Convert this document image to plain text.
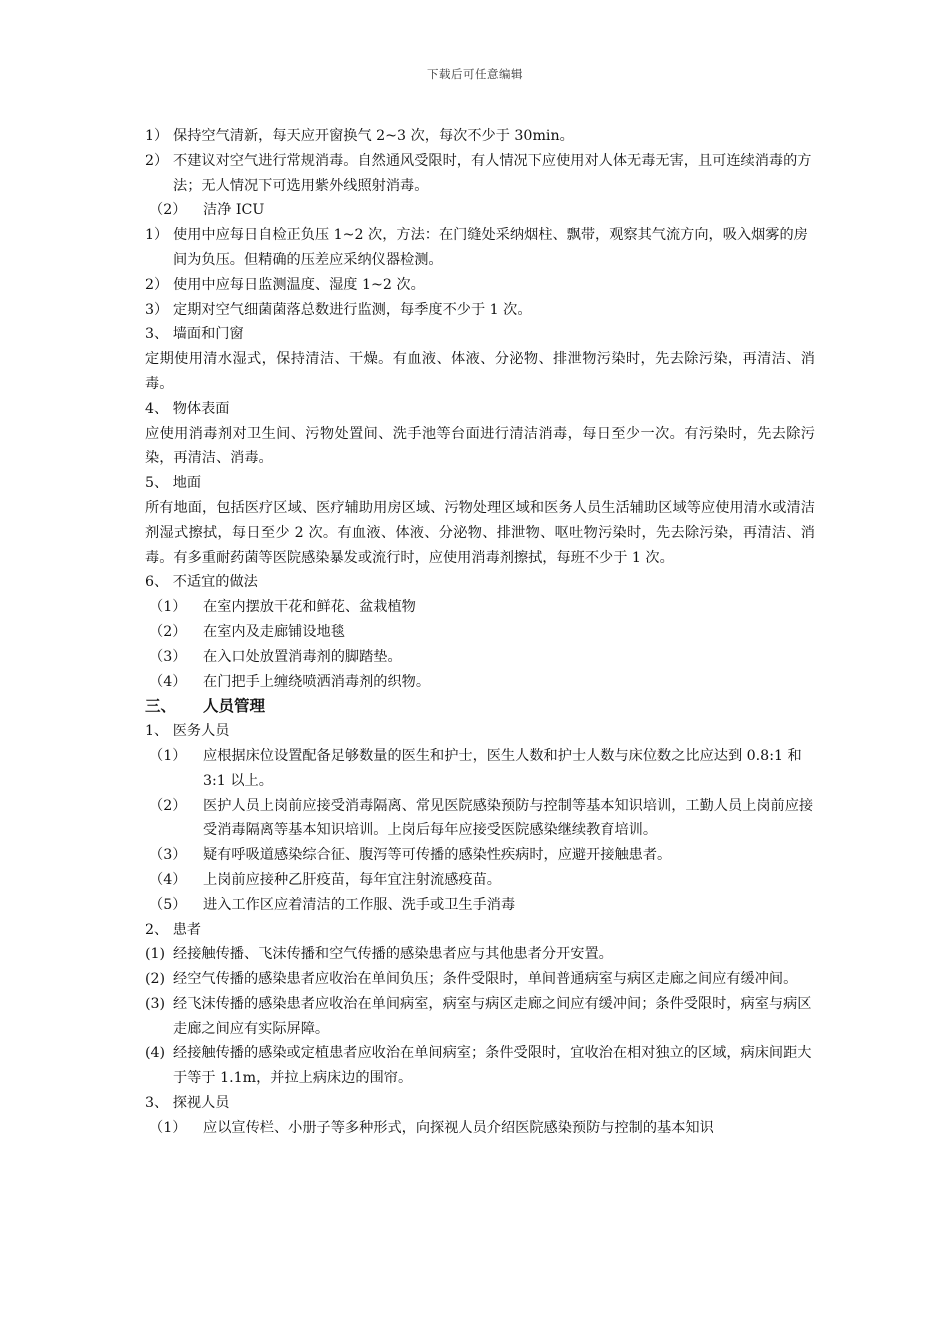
下载后可任意编辑
1） 保持空气清新，每天应开窗换气 2~3 次，每次不少于 30min。
2） 不建议对空气进行常规消毒。自然通风受限时，有人情况下应使用对人体无毒无害，且可连续消毒的方法；无人情况下可选用紫外线照射消毒。
（2）	洁净 ICU
1） 使用中应每日自检正负压 1~2 次，方法：在门缝处采纳烟柱、飘带，观察其气流方向，吸入烟雾的房间为负压。但精确的压差应采纳仪器检测。
2） 使用中应每日监测温度、湿度 1~2 次。
3） 定期对空气细菌菌落总数进行监测，每季度不少于 1 次。
3、 墙面和门窗
定期使用清水湿式，保持清洁、干燥。有血液、体液、分泌物、排泄物污染时，先去除污染，再清洁、消毒。
4、 物体表面
应使用消毒剂对卫生间、污物处置间、洗手池等台面进行清洁消毒，每日至少一次。有污染时，先去除污染，再清洁、消毒。
5、 地面
所有地面，包括医疗区域、医疗辅助用房区域、污物处理区域和医务人员生活辅助区域等应使用清水或清洁剂湿式擦拭，每日至少 2 次。有血液、体液、分泌物、排泄物、呕吐物污染时，先去除污染，再清洁、消毒。有多重耐药菌等医院感染暴发或流行时，应使用消毒剂擦拭，每班不少于 1 次。
6、 不适宜的做法
（1）	在室内摆放干花和鲜花、盆栽植物
（2）	在室内及走廊铺设地毯
（3）	在入口处放置消毒剂的脚踏垫。
（4）	在门把手上缠绕喷洒消毒剂的织物。
三、	人员管理
1、 医务人员
（1）	应根据床位设置配备足够数量的医生和护士，医生人数和护士人数与床位数之比应达到 0.8:1 和 3:1 以上。
（2）	医护人员上岗前应接受消毒隔离、常见医院感染预防与控制等基本知识培训，工勤人员上岗前应接受消毒隔离等基本知识培训。上岗后每年应接受医院感染继续教育培训。
（3）	疑有呼吸道感染综合征、腹泻等可传播的感染性疾病时，应避开接触患者。
（4）	上岗前应接种乙肝疫苗，每年宜注射流感疫苗。
（5）	进入工作区应着清洁的工作服、洗手或卫生手消毒
2、 患者
(1) 经接触传播、飞沫传播和空气传播的感染患者应与其他患者分开安置。
(2) 经空气传播的感染患者应收治在单间负压；条件受限时，单间普通病室与病区走廊之间应有缓冲间。
(3) 经飞沫传播的感染患者应收治在单间病室，病室与病区走廊之间应有缓冲间；条件受限时，病室与病区走廊之间应有实际屏障。
(4) 经接触传播的感染或定植患者应收治在单间病室；条件受限时，宜收治在相对独立的区域，病床间距大于等于 1.1m，并拉上病床边的围帘。
3、 探视人员
（1）	应以宣传栏、小册子等多种形式，向探视人员介绍医院感染预防与控制的基本知识
